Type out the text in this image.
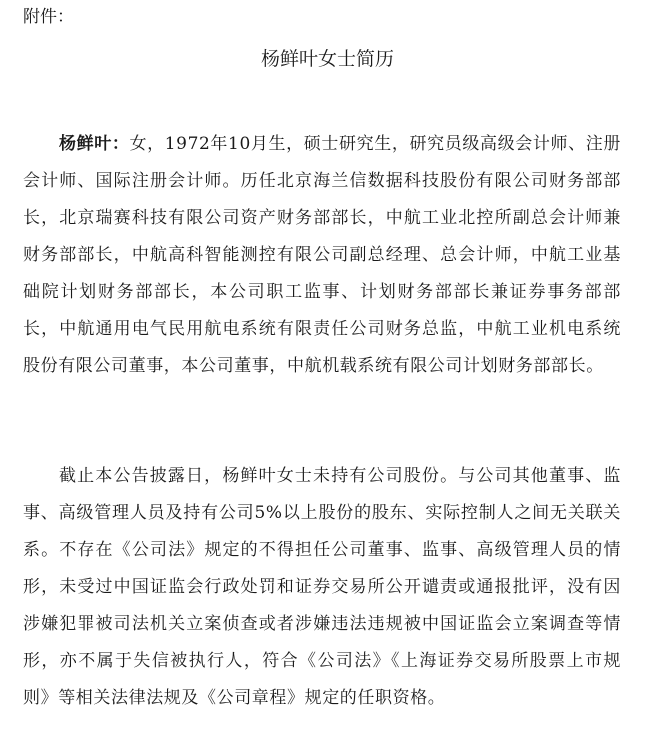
附件：
杨鲜叶女士简历

杨鲜叶：女，1972年10月生，硕士研究生，研究员级高级会计师、注册会计师、国际注册会计师。历任北京海兰信数据科技股份有限公司财务部部长，北京瑞赛科技有限公司资产财务部部长，中航工业北控所副总会计师兼财务部部长，中航高科智能测控有限公司副总经理、总会计师，中航工业基础院计划财务部部长，本公司职工监事、计划财务部部长兼证券事务部部长，中航通用电气民用航电系统有限责任公司财务总监，中航工业机电系统股份有限公司董事，本公司董事，中航机载系统有限公司计划财务部部长。

截止本公告披露日，杨鲜叶女士未持有公司股份。与公司其他董事、监事、高级管理人员及持有公司5%以上股份的股东、实际控制人之间无关联关系。不存在《公司法》规定的不得担任公司董事、监事、高级管理人员的情形，未受过中国证监会行政处罚和证券交易所公开谴责或通报批评，没有因涉嫌犯罪被司法机关立案侦查或者涉嫌违法违规被中国证监会立案调查等情形，亦不属于失信被执行人，符合《公司法》《上海证券交易所股票上市规则》等相关法律法规及《公司章程》规定的任职资格。
